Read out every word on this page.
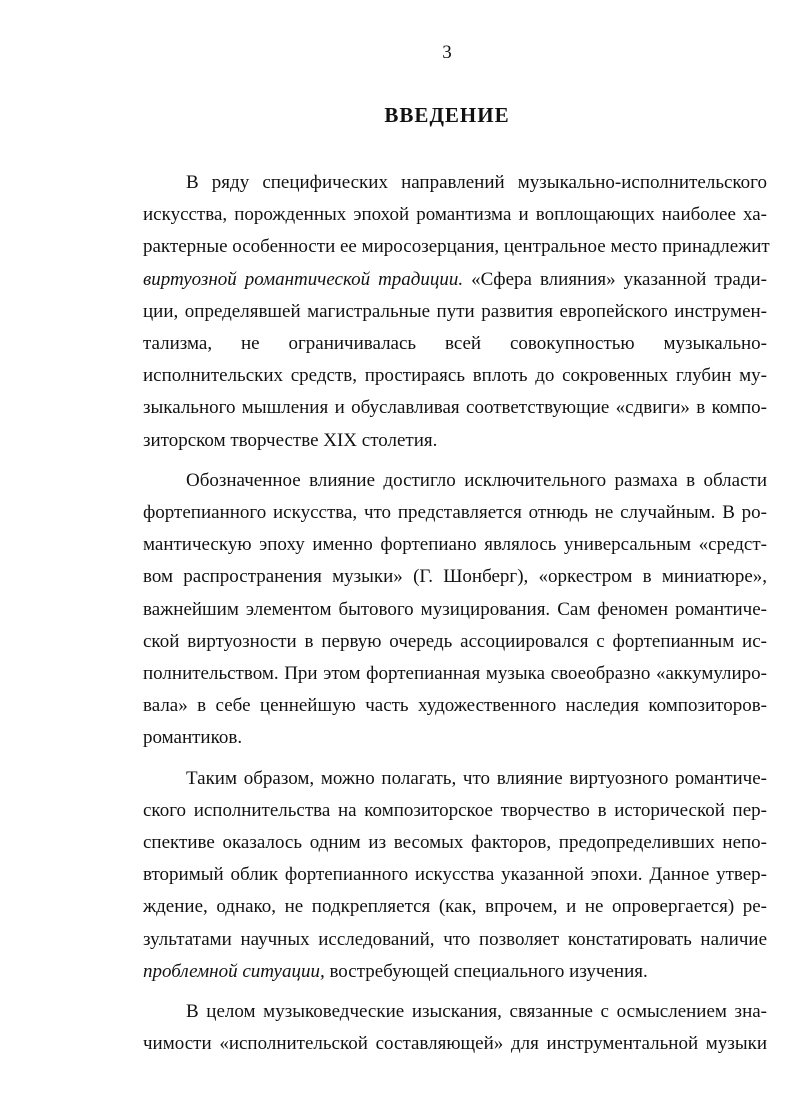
3
ВВЕДЕНИЕ
В ряду специфических направлений музыкально-исполнительского
искусства, порожденных эпохой романтизма и воплощающих наиболее ха-
рактерные особенности ее миросозерцания, центральное место принадлежит
виртуозной романтической традиции. «Сфера влияния» указанной тради-
ции, определявшей магистральные пути развития европейского инструмен-
тализма, не ограничивалась всей совокупностью музыкально-
исполнительских средств, простираясь вплоть до сокровенных глубин му-
зыкального мышления и обуславливая соответствующие «сдвиги» в компо-
зиторском творчестве XIX столетия.
Обозначенное влияние достигло исключительного размаха в области
фортепианного искусства, что представляется отнюдь не случайным. В ро-
мантическую эпоху именно фортепиано являлось универсальным «средст-
вом распространения музыки» (Г. Шонберг), «оркестром в миниатюре»,
важнейшим элементом бытового музицирования. Сам феномен романтиче-
ской виртуозности в первую очередь ассоциировался с фортепианным ис-
полнительством. При этом фортепианная музыка своеобразно «аккумулиро-
вала» в себе ценнейшую часть художественного наследия композиторов-
романтиков.
Таким образом, можно полагать, что влияние виртуозного романтиче-
ского исполнительства на композиторское творчество в исторической пер-
спективе оказалось одним из весомых факторов, предопределивших непо-
вторимый облик фортепианного искусства указанной эпохи. Данное утвер-
ждение, однако, не подкрепляется (как, впрочем, и не опровергается) ре-
зультатами научных исследований, что позволяет констатировать наличие
проблемной ситуации, востребующей специального изучения.
В целом музыковедческие изыскания, связанные с осмыслением зна-
чимости «исполнительской составляющей» для инструментальной музыки
